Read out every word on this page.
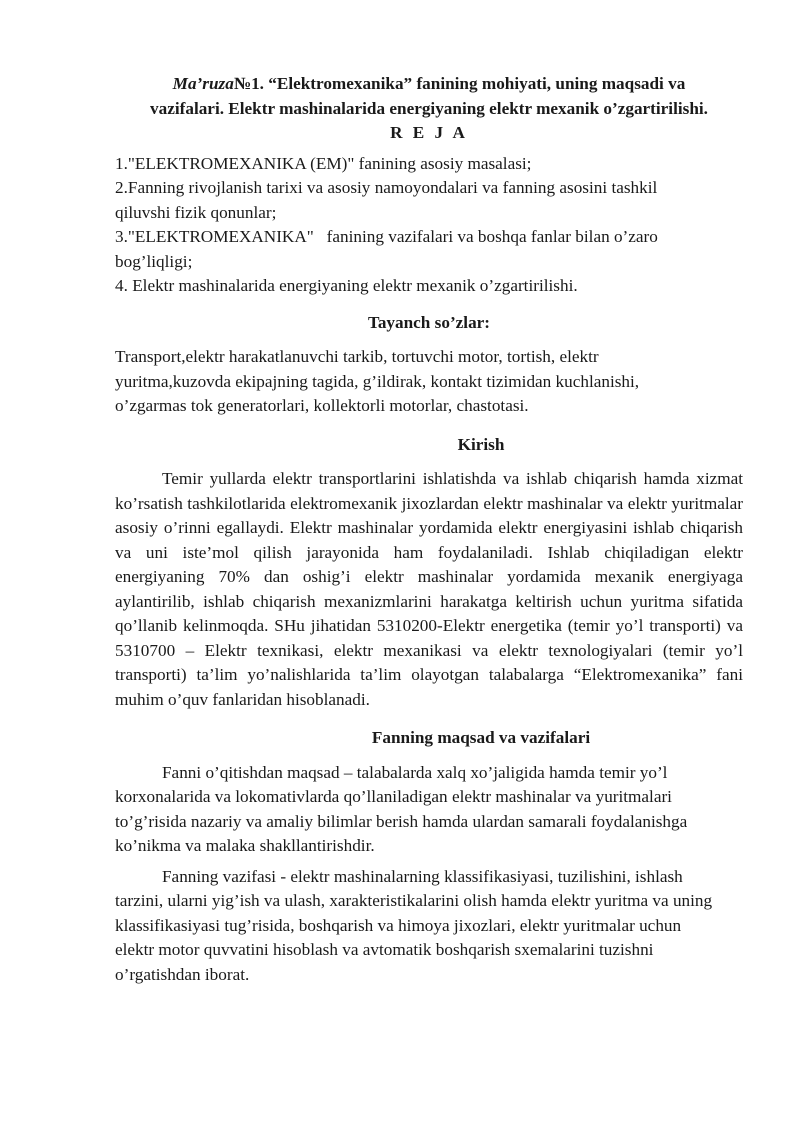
Ma’ruza№1. “Elektromexanika” fanining mohiyati, uning maqsadi va
vazifalari. Elektr mashinalarida energiyaning elektr mexanik o’zgartirilishi.

R E J A

1."ELEKTROMEXANIKA (EM)" fanining asosiy masalasi;

2.Fanning rivojlanish tarixi va asosiy namoyondalari va fanning asosini tashkil qiluvshi fizik qonunlar;

3."ELEKTROMEXANIKA"   fanining vazifalari va boshqa fanlar bilan o’zaro bog’liqligi;

4. Elektr mashinalarida energiyaning elektr mexanik o’zgartirilishi.

Tayanch so’zlar:

Transport,elektr harakatlanuvchi tarkib, tortuvchi motor, tortish, elektr yuritma,kuzovda ekipajning tagida, g’ildirak, kontakt tizimidan kuchlanishi, o’zgarmas tok generatorlari, kollektorli motorlar, chastotasi.

Kirish

Temir yullarda elektr transportlarini ishlatishda va ishlab chiqarish hamda xizmat ko’rsatish tashkilotlarida elektromexanik jixozlardan elektr mashinalar va elektr yuritmalar asosiy o’rinni egallaydi. Elektr mashinalar yordamida elektr energiyasini ishlab chiqarish va uni iste’mol qilish jarayonida ham foydalaniladi. Ishlab chiqiladigan elektr energiyaning 70% dan oshig’i elektr mashinalar yordamida mexanik energiyaga aylantirilib, ishlab chiqarish mexanizmlarini harakatga keltirish uchun yuritma sifatida qo’llanib kelinmoqda. SHu jihatidan 5310200-Elektr energetika (temir yo’l transporti) va 5310700 – Elektr texnikasi, elektr mexanikasi va elektr texnologiyalari (temir yo’l transporti) ta’lim yo’nalishlarida ta’lim olayotgan talabalarga “Elektromexanika” fani muhim o’quv fanlaridan hisoblanadi.

Fanning maqsad va vazifalari

Fanni o’qitishdan maqsad – talabalarda xalq xo’jaligida hamda temir yo’l korxonalarida va lokomativlarda qo’llaniladigan elektr mashinalar va yuritmalari to’g’risida nazariy va amaliy bilimlar berish hamda ulardan samarali foydalanishga ko’nikma va malaka shakllantirishdir.

Fanning vazifasi - elektr mashinalarning klassifikasiyasi, tuzilishini, ishlash tarzini, ularni yig’ish va ulash, xarakteristikalarini olish hamda elektr yuritma va uning klassifikasiyasi tug’risida, boshqarish va himoya jixozlari, elektr yuritmalar uchun elektr motor quvvatini hisoblash va avtomatik boshqarish sxemalarini tuzishni o’rgatishdan iborat.
